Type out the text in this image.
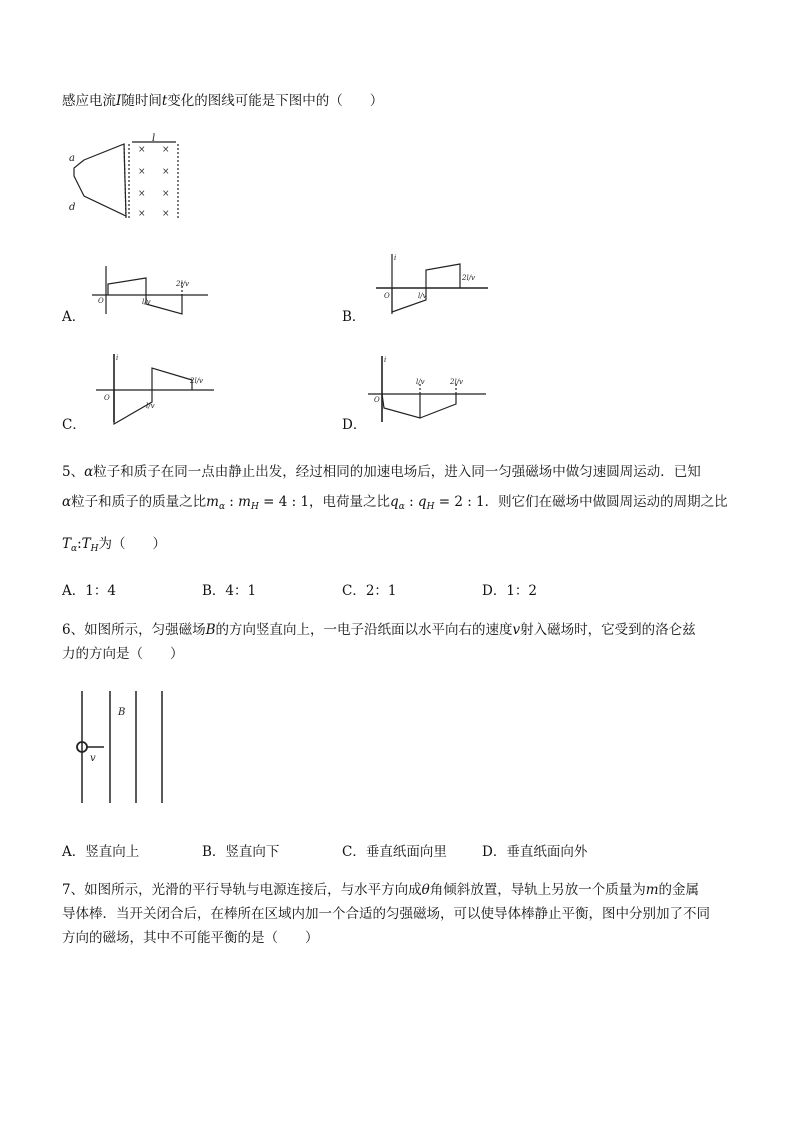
感应电流I随时间t变化的图线可能是下图中的（　　）
a
d
l
× ×
× ×
× ×
× ×
A．
O	l/v
2l/v
B．
i
O	l/v
2l/v
C．
i
O
l/v
2l/v
D．
i
O
l/v	2l/v
5、α粒子和质子在同一点由静止出发，经过相同的加速电场后，进入同一匀强磁场中做匀速圆周运动．已知
α粒子和质子的质量之比$m_\alpha$ : $m_H = 4$ : 1，电荷量之比$q_\alpha$ : $q_H = 2$ : 1．则它们在磁场中做圆周运动的周期之比
$T_\alpha:T_H$为（　　）
A．1：4	B．4：1	C．2：1	D．1：2
6、如图所示，匀强磁场B的方向竖直向上，一电子沿纸面以水平向右的速度v射入磁场时，它受到的洛仑兹
力的方向是（　　）
B
v
A．竖直向上	B．竖直向下	C．垂直纸面向里	D．垂直纸面向外
7、如图所示，光滑的平行导轨与电源连接后，与水平方向成θ角倾斜放置，导轨上另放一个质量为m的金属
导体棒．当开关闭合后，在棒所在区域内加一个合适的匀强磁场，可以使导体棒静止平衡，图中分别加了不同
方向的磁场，其中不可能平衡的是（　　）
